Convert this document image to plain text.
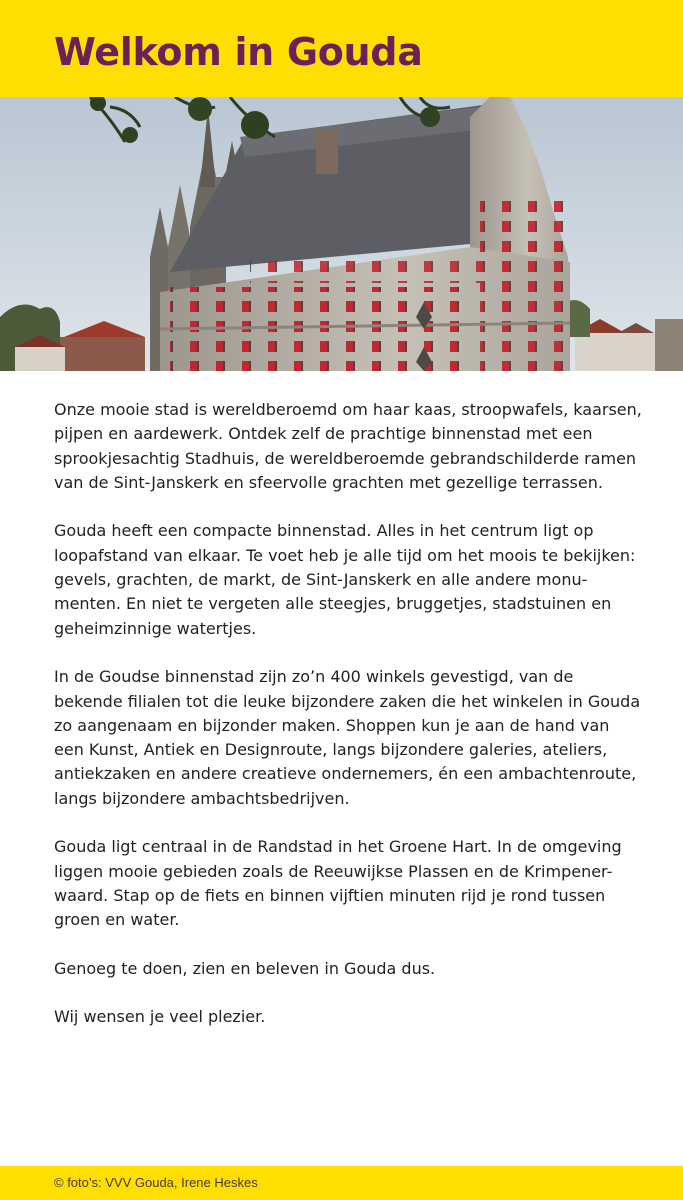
Welkom in Gouda

Onze mooie stad is wereldberoemd om haar kaas, stroopwafels, kaarsen,
pijpen en aardewerk. Ontdek zelf de prachtige binnenstad met een
sprookjesachtig Stadhuis, de wereldberoemde gebrandschilderde ramen
van de Sint-Janskerk en sfeervolle grachten met gezellige terrassen.

Gouda heeft een compacte binnenstad. Alles in het centrum ligt op
loopafstand van elkaar. Te voet heb je alle tijd om het moois te bekijken:
gevels, grachten, de markt, de Sint-Janskerk en alle andere monu-
menten. En niet te vergeten alle steegjes, bruggetjes, stadstuinen en
geheimzinnige watertjes.

In de Goudse binnenstad zijn zo’n 400 winkels gevestigd, van de
bekende filialen tot die leuke bijzondere zaken die het winkelen in Gouda
zo aangenaam en bijzonder maken. Shoppen kun je aan de hand van
een Kunst, Antiek en Designroute, langs bijzondere galeries, ateliers,
antiekzaken en andere creatieve ondernemers, én een ambachtenroute,
langs bijzondere ambachtsbedrijven.

Gouda ligt centraal in de Randstad in het Groene Hart. In de omgeving
liggen mooie gebieden zoals de Reeuwijkse Plassen en de Krimpener-
waard. Stap op de fiets en binnen vijftien minuten rijd je rond tussen
groen en water.

Genoeg te doen, zien en beleven in Gouda dus.

Wij wensen je veel plezier.

© foto’s: VVV Gouda, Irene Heskes
